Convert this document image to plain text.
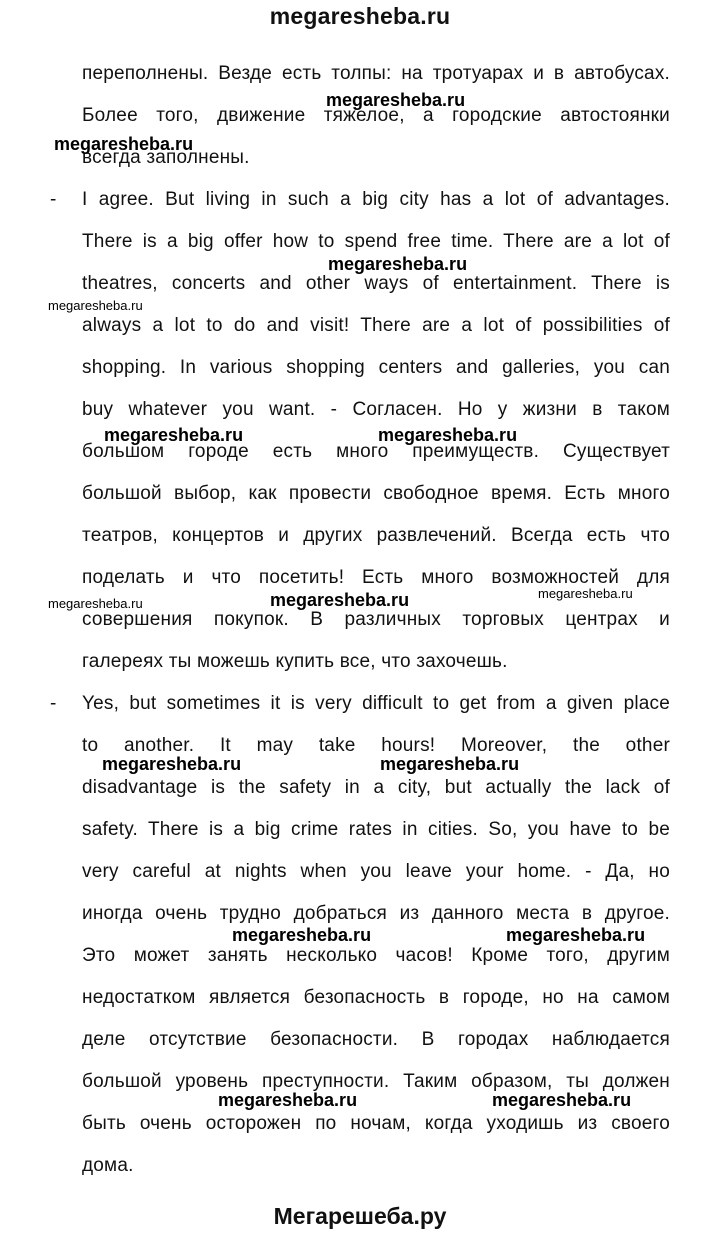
megaresheba.ru
переполнены. Везде есть толпы: на тротуарах и в автобусах.
Более того, движение тяжелое, а городские автостоянки
всегда заполнены.
- I agree. But living in such a big city has a lot of advantages.
There is a big offer how to spend free time. There are a lot of
theatres, concerts and other ways of entertainment. There is
always a lot to do and visit! There are a lot of possibilities of
shopping. In various shopping centers and galleries, you can
buy whatever you want. - Согласен. Но у жизни в таком
большом городе есть много преимуществ. Существует
большой выбор, как провести свободное время. Есть много
театров, концертов и других развлечений. Всегда есть что
поделать и что посетить! Есть много возможностей для
совершения покупок. В различных торговых центрах и
галереях ты можешь купить все, что захочешь.
- Yes, but sometimes it is very difficult to get from a given place
to another. It may take hours! Moreover, the other
disadvantage is the safety in a city, but actually the lack of
safety. There is a big crime rates in cities. So, you have to be
very careful at nights when you leave your home. - Да, но
иногда очень трудно добраться из данного места в другое.
Это может занять несколько часов! Кроме того, другим
недостатком является безопасность в городе, но на самом
деле отсутствие безопасности. В городах наблюдается
большой уровень преступности. Таким образом, ты должен
быть очень осторожен по ночам, когда уходишь из своего
дома.
megaresheba.ru
megaresheba.ru
megaresheba.ru
megaresheba.ru
megaresheba.ru	megaresheba.ru
megaresheba.ru	megaresheba.ru	megaresheba.ru
megaresheba.ru	megaresheba.ru
megaresheba.ru	megaresheba.ru
megaresheba.ru	megaresheba.ru
Мегарешеба.ру
